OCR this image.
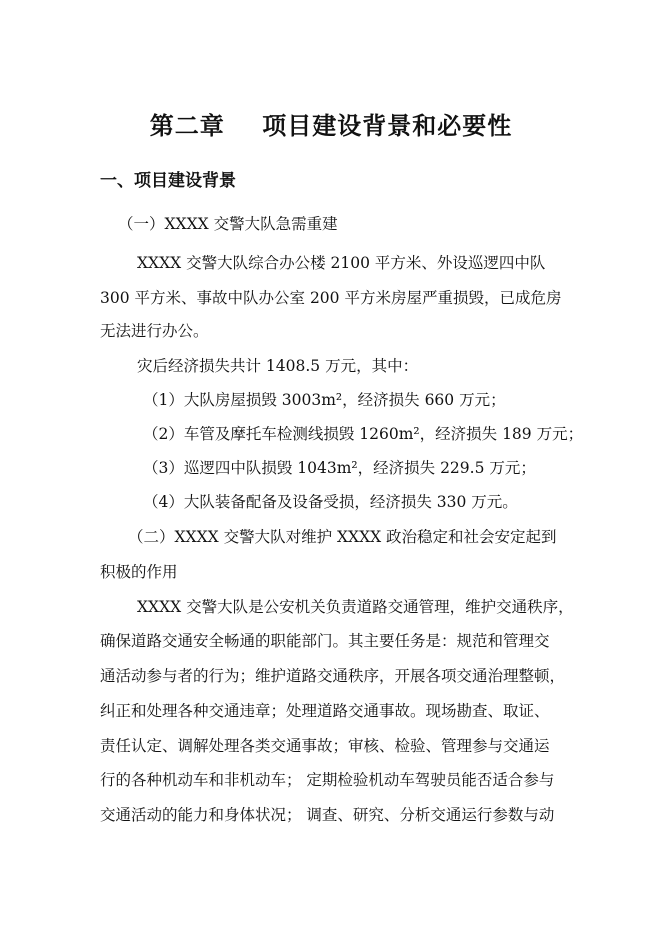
第二章    项目建设背景和必要性
一、项目建设背景
（一）XXXX 交警大队急需重建
XXXX 交警大队综合办公楼 2100 平方米、外设巡逻四中队
300 平方米、事故中队办公室 200 平方米房屋严重损毁，已成危房
无法进行办公。
灾后经济损失共计 1408.5 万元，其中：
（1）大队房屋损毁 3003m²，经济损失 660 万元；
（2）车管及摩托车检测线损毁 1260m²，经济损失 189 万元；
（3）巡逻四中队损毁 1043m²，经济损失 229.5 万元；
（4）大队装备配备及设备受损，经济损失 330 万元。
（二）XXXX 交警大队对维护 XXXX 政治稳定和社会安定起到
积极的作用
XXXX 交警大队是公安机关负责道路交通管理，维护交通秩序，
确保道路交通安全畅通的职能部门。其主要任务是：规范和管理交
通活动参与者的行为；维护道路交通秩序，开展各项交通治理整顿，
纠正和处理各种交通违章；处理道路交通事故。现场勘查、取证、
责任认定、调解处理各类交通事故；审核、检验、管理参与交通运
行的各种机动车和非机动车； 定期检验机动车驾驶员能否适合参与
交通活动的能力和身体状况； 调查、研究、分析交通运行参数与动
